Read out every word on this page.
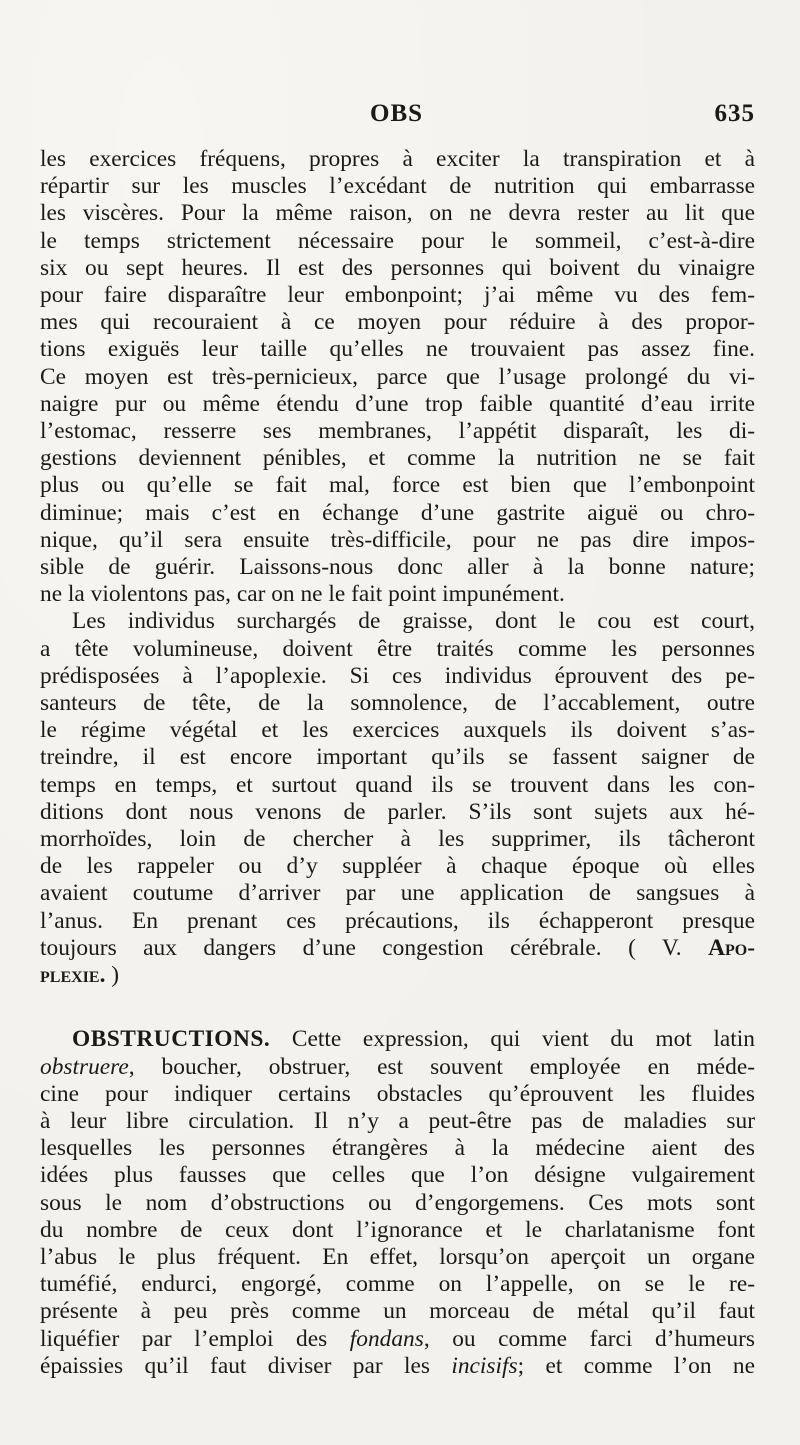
OBS	635
les exercices fréquens, propres à exciter la transpiration et à
répartir sur les muscles l’excédant de nutrition qui embarrasse
les viscères. Pour la même raison, on ne devra rester au lit que
le temps strictement nécessaire pour le sommeil, c’est-à-dire
six ou sept heures. Il est des personnes qui boivent du vinaigre
pour faire disparaître leur embonpoint; j’ai même vu des fem-
mes qui recouraient à ce moyen pour réduire à des propor-
tions exiguës leur taille qu’elles ne trouvaient pas assez fine.
Ce moyen est très-pernicieux, parce que l’usage prolongé du vi-
naigre pur ou même étendu d’une trop faible quantité d’eau irrite
l’estomac, resserre ses membranes, l’appétit disparaît, les di-
gestions deviennent pénibles, et comme la nutrition ne se fait
plus ou qu’elle se fait mal, force est bien que l’embonpoint
diminue; mais c’est en échange d’une gastrite aiguë ou chro-
nique, qu’il sera ensuite très-difficile, pour ne pas dire impos-
sible de guérir. Laissons-nous donc aller à la bonne nature;
ne la violentons pas, car on ne le fait point impunément.
Les individus surchargés de graisse, dont le cou est court,
a tête volumineuse, doivent être traités comme les personnes
prédisposées à l’apoplexie. Si ces individus éprouvent des pe-
santeurs de tête, de la somnolence, de l’accablement, outre
le régime végétal et les exercices auxquels ils doivent s’as-
treindre, il est encore important qu’ils se fassent saigner de
temps en temps, et surtout quand ils se trouvent dans les con-
ditions dont nous venons de parler. S’ils sont sujets aux hé-
morrhoïdes, loin de chercher à les supprimer, ils tâcheront
de les rappeler ou d’y suppléer à chaque époque où elles
avaient coutume d’arriver par une application de sangsues à
l’anus. En prenant ces précautions, ils échapperont presque
toujours aux dangers d’une congestion cérébrale. ( V. Apo-
plexie. )
OBSTRUCTIONS. Cette expression, qui vient du mot latin
obstruere, boucher, obstruer, est souvent employée en méde-
cine pour indiquer certains obstacles qu’éprouvent les fluides
à leur libre circulation. Il n’y a peut-être pas de maladies sur
lesquelles les personnes étrangères à la médecine aient des
idées plus fausses que celles que l’on désigne vulgairement
sous le nom d’obstructions ou d’engorgemens. Ces mots sont
du nombre de ceux dont l’ignorance et le charlatanisme font
l’abus le plus fréquent. En effet, lorsqu’on aperçoit un organe
tuméfié, endurci, engorgé, comme on l’appelle, on se le re-
présente à peu près comme un morceau de métal qu’il faut
liquéfier par l’emploi des fondans, ou comme farci d’humeurs
épaissies qu’il faut diviser par les incisifs; et comme l’on ne
